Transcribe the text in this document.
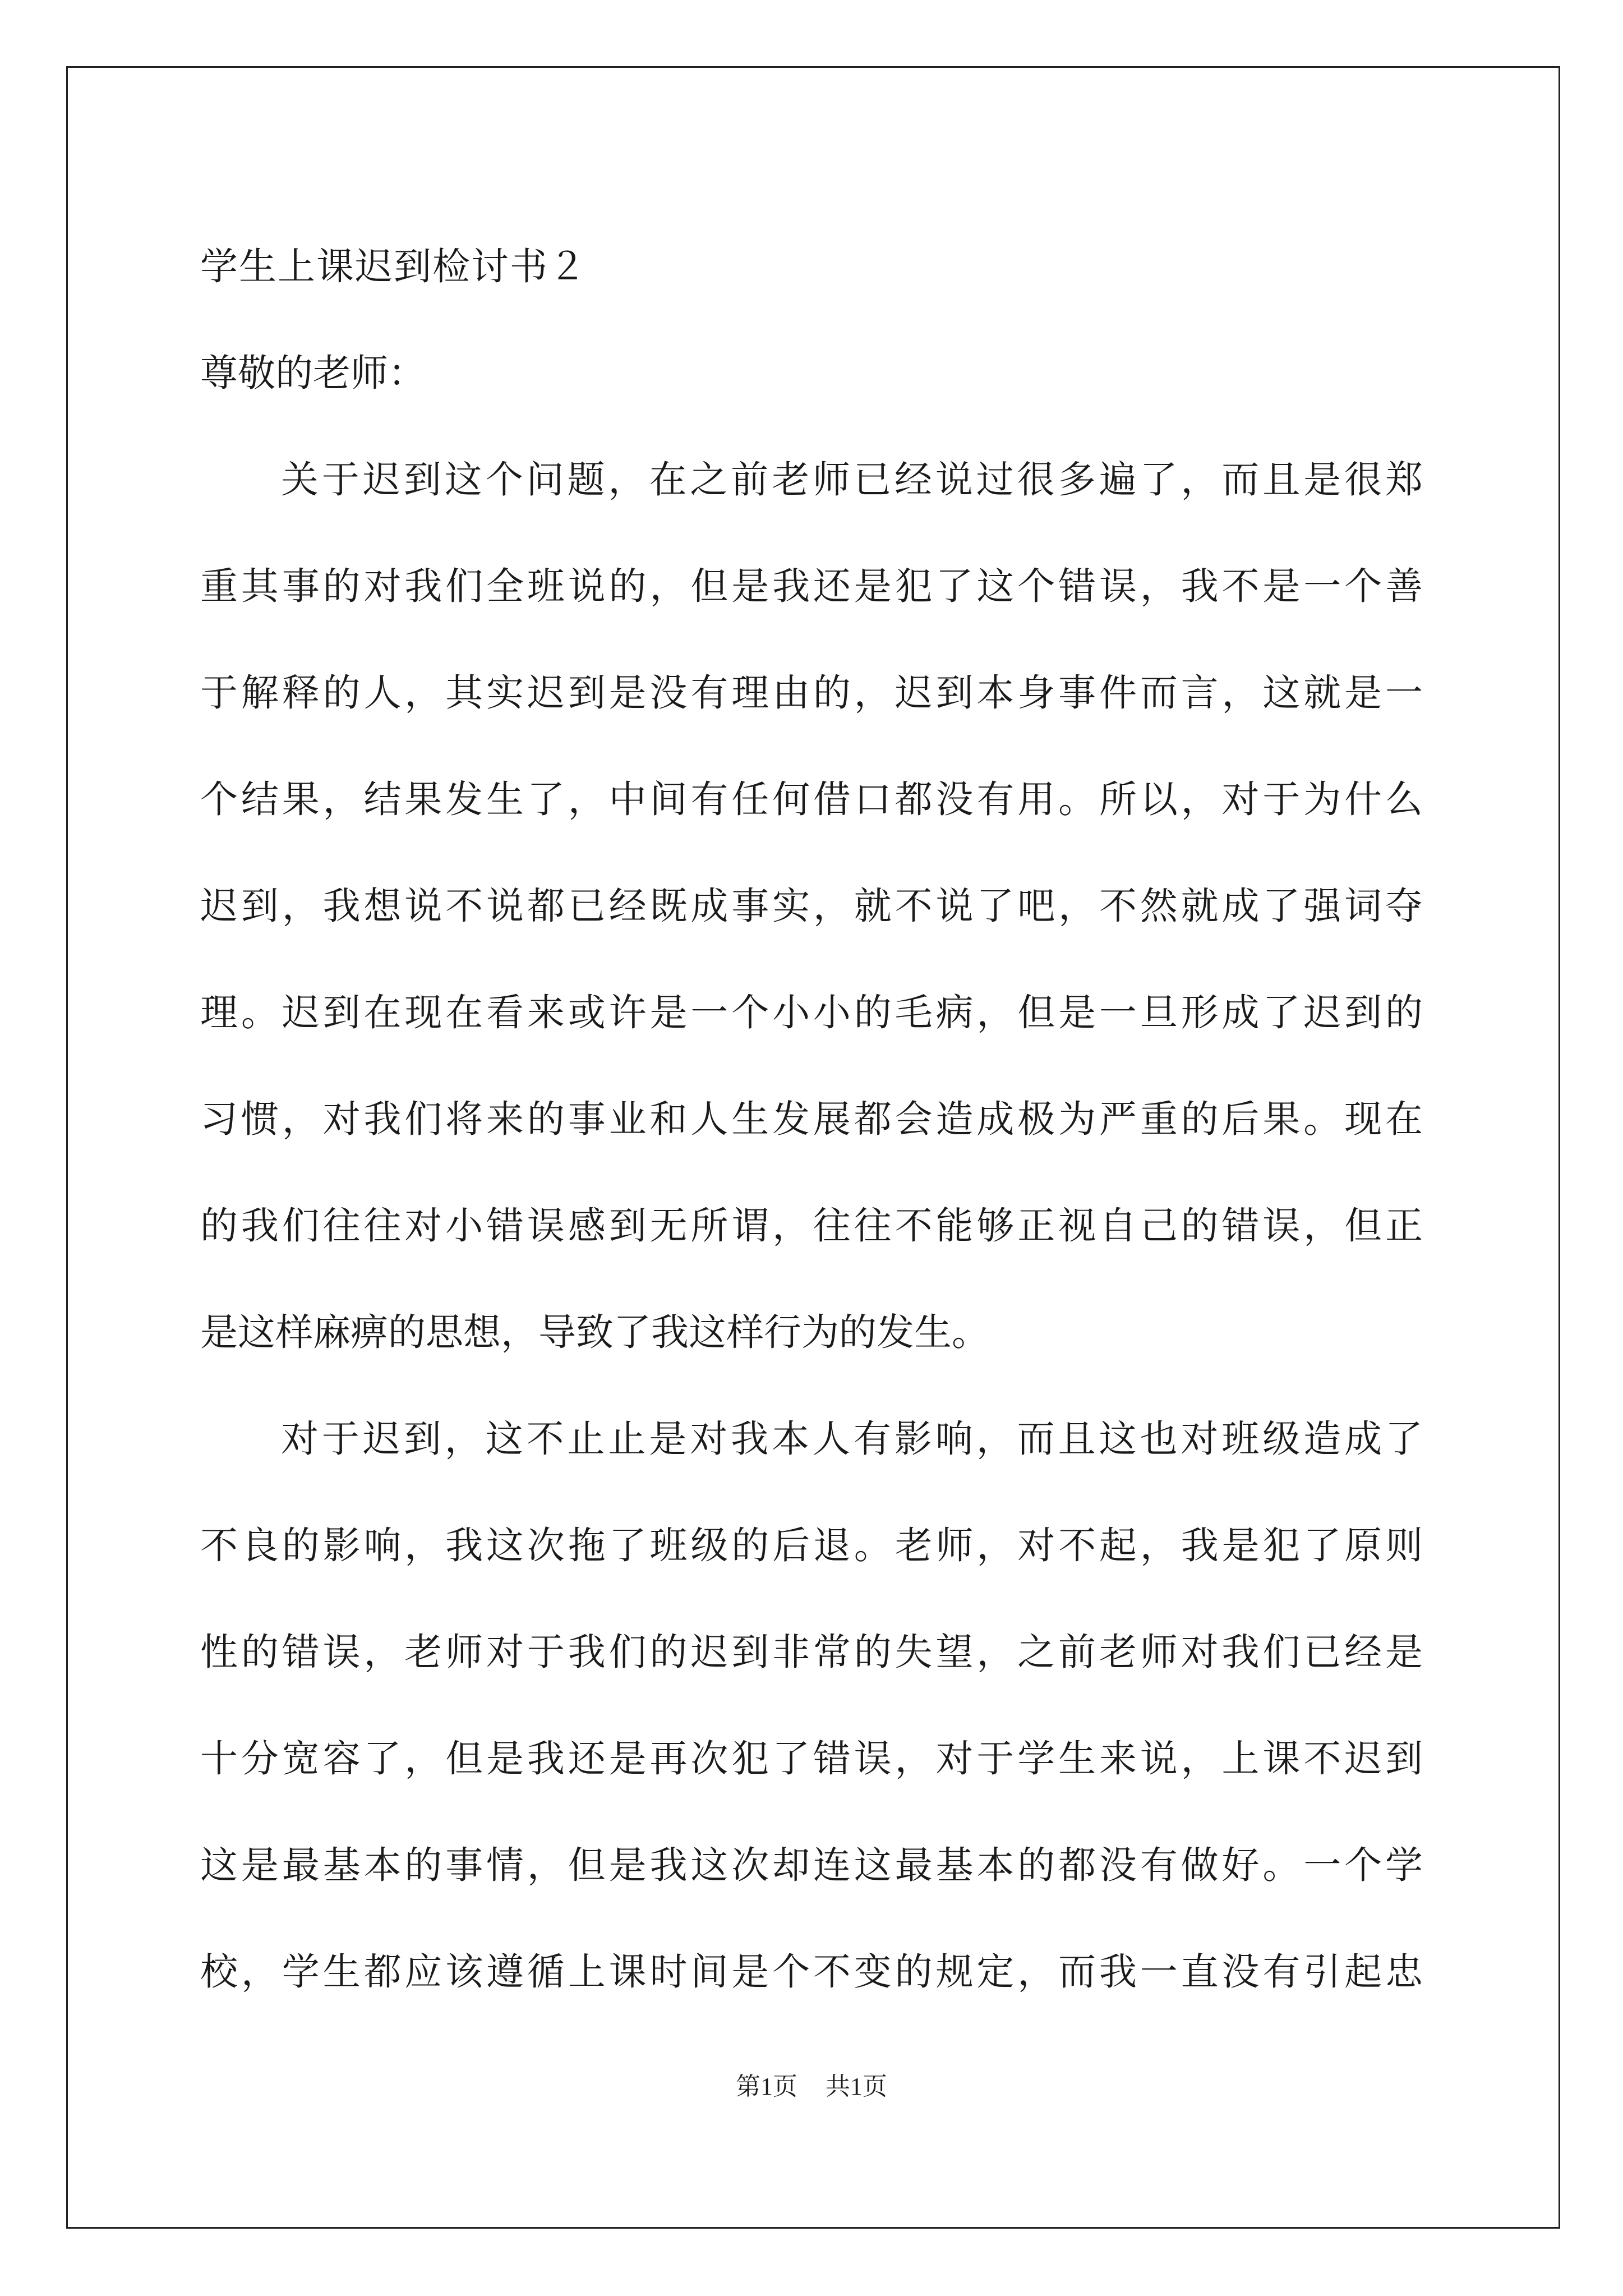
学生上课迟到检讨书２
尊敬的老师：
关于迟到这个问题，在之前老师已经说过很多遍了，而且是很郑
重其事的对我们全班说的，但是我还是犯了这个错误，我不是一个善
于解释的人，其实迟到是没有理由的，迟到本身事件而言，这就是一
个结果，结果发生了，中间有任何借口都没有用。所以，对于为什么
迟到，我想说不说都已经既成事实，就不说了吧，不然就成了强词夺
理。迟到在现在看来或许是一个小小的毛病，但是一旦形成了迟到的
习惯，对我们将来的事业和人生发展都会造成极为严重的后果。现在
的我们往往对小错误感到无所谓，往往不能够正视自己的错误，但正
是这样麻痹的思想，导致了我这样行为的发生。
对于迟到，这不止止是对我本人有影响，而且这也对班级造成了
不良的影响，我这次拖了班级的后退。老师，对不起，我是犯了原则
性的错误，老师对于我们的迟到非常的失望，之前老师对我们已经是
十分宽容了，但是我还是再次犯了错误，对于学生来说，上课不迟到
这是最基本的事情，但是我这次却连这最基本的都没有做好。一个学
校，学生都应该遵循上课时间是个不变的规定，而我一直没有引起忠
第1页 共1页
